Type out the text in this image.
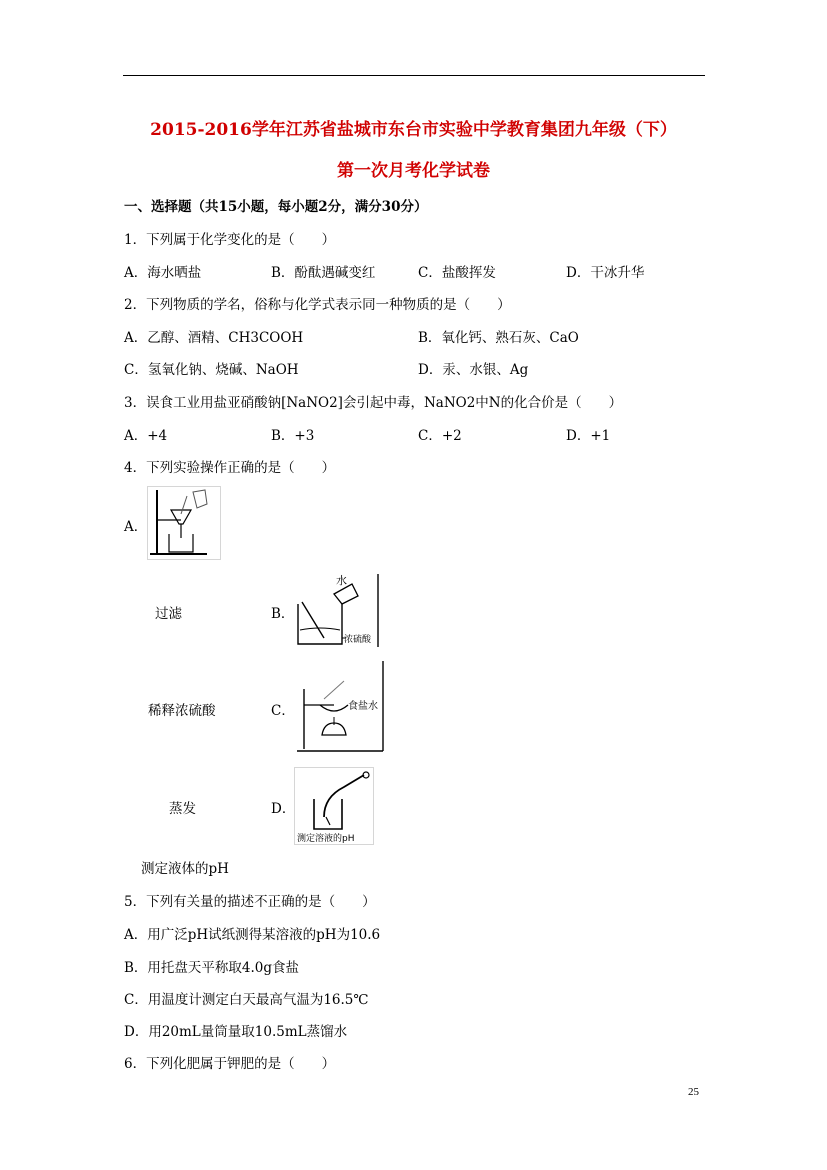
2015-2016学年江苏省盐城市东台市实验中学教育集团九年级（下）
第一次月考化学试卷
一、选择题（共15小题，每小题2分，满分30分）
1．下列属于化学变化的是（　　）
A．海水晒盐	B．酚酞遇碱变红	C．盐酸挥发	D．干冰升华
2．下列物质的学名，俗称与化学式表示同一种物质的是（　　）
A．乙醇、酒精、CH3COOH	B．氧化钙、熟石灰、CaO
C．氢氧化钠、烧碱、NaOH	D．汞、水银、Ag
3．误食工业用盐亚硝酸钠[NaNO2]会引起中毒，NaNO2中N的化合价是（　　）
A．+4	B．+3	C．+2	D．+1
4．下列实验操作正确的是（　　）
A．
过滤	B．
水
浓硫酸
稀释浓硫酸	C．	食盐水
蒸发	D．
测定溶液的pH
测定液体的pH
5．下列有关量的描述不正确的是（　　）
A．用广泛pH试纸测得某溶液的pH为10.6
B．用托盘天平称取4.0g食盐
C．用温度计测定白天最高气温为16.5℃
D．用20mL量筒量取10.5mL蒸馏水
6．下列化肥属于钾肥的是（　　）
25
